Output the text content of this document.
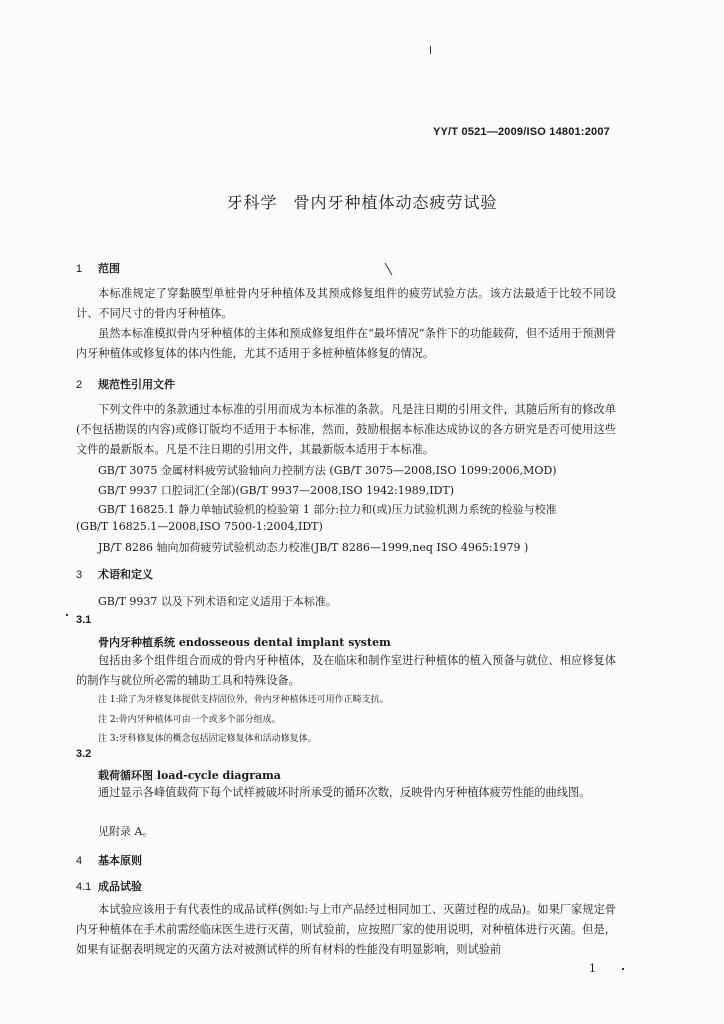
YY/T 0521—2009/ISO 14801:2007
牙科学 骨内牙种植体动态疲劳试验
1 范围
本标准规定了穿黏膜型单桩骨内牙种植体及其预成修复组件的疲劳试验方法。该方法最适于比较不同设计、不同尺寸的骨内牙种植体。
虽然本标准模拟骨内牙种植体的主体和预成修复组件在“最坏情况”条件下的功能载荷，但不适用于预测骨内牙种植体或修复体的体内性能，尤其不适用于多桩种植体修复的情况。
2 规范性引用文件
下列文件中的条款通过本标准的引用而成为本标准的条款。凡是注日期的引用文件，其随后所有的修改单(不包括勘误的内容)或修订版均不适用于本标准，然而，鼓励根据本标准达成协议的各方研究是否可使用这些文件的最新版本。凡是不注日期的引用文件，其最新版本适用于本标准。
GB/T 3075 金属材料疲劳试验轴向力控制方法 (GB/T 3075—2008,ISO 1099:2006,MOD)
GB/T 9937 口腔词汇(全部)(GB/T 9937—2008,ISO 1942:1989,IDT)
GB/T 16825.1 静力单轴试验机的检验第 1 部分:拉力和(或)压力试验机测力系统的检验与校准
(GB/T 16825.1—2008,ISO 7500-1:2004,IDT)
JB/T 8286 轴向加荷疲劳试验机动态力校准(JB/T 8286—1999,neq ISO 4965:1979 )
3 术语和定义
GB/T 9937 以及下列术语和定义适用于本标准。
3.1
骨内牙种植系统 endosseous dental implant system
包括由多个组件组合而成的骨内牙种植体，及在临床和制作室进行种植体的植入预备与就位、相应修复体的制作与就位所必需的辅助工具和特殊设备。
注 1:除了为牙修复体提供支持固位外，骨内牙种植体还可用作正畸支抗。
注 2:骨内牙种植体可由一个或多个部分组成。
注 3:牙科修复体的概念包括固定修复体和活动修复体。
3.2
载荷循环图 load-cycle diagrama
通过显示各峰值载荷下每个试样被破坏时所承受的循环次数，反映骨内牙种植体疲劳性能的曲线图。
见附录 A。
4 基本原则
4.1 成品试验
本试验应该用于有代表性的成品试样(例如:与上市产品经过相同加工、灭菌过程的成品)。如果厂家规定骨内牙种植体在手术前需经临床医生进行灭菌，则试验前，应按照厂家的使用说明，对种植体进行灭菌。但是，如果有证据表明规定的灭菌方法对被测试样的所有材料的性能没有明显影响，则试验前
1
